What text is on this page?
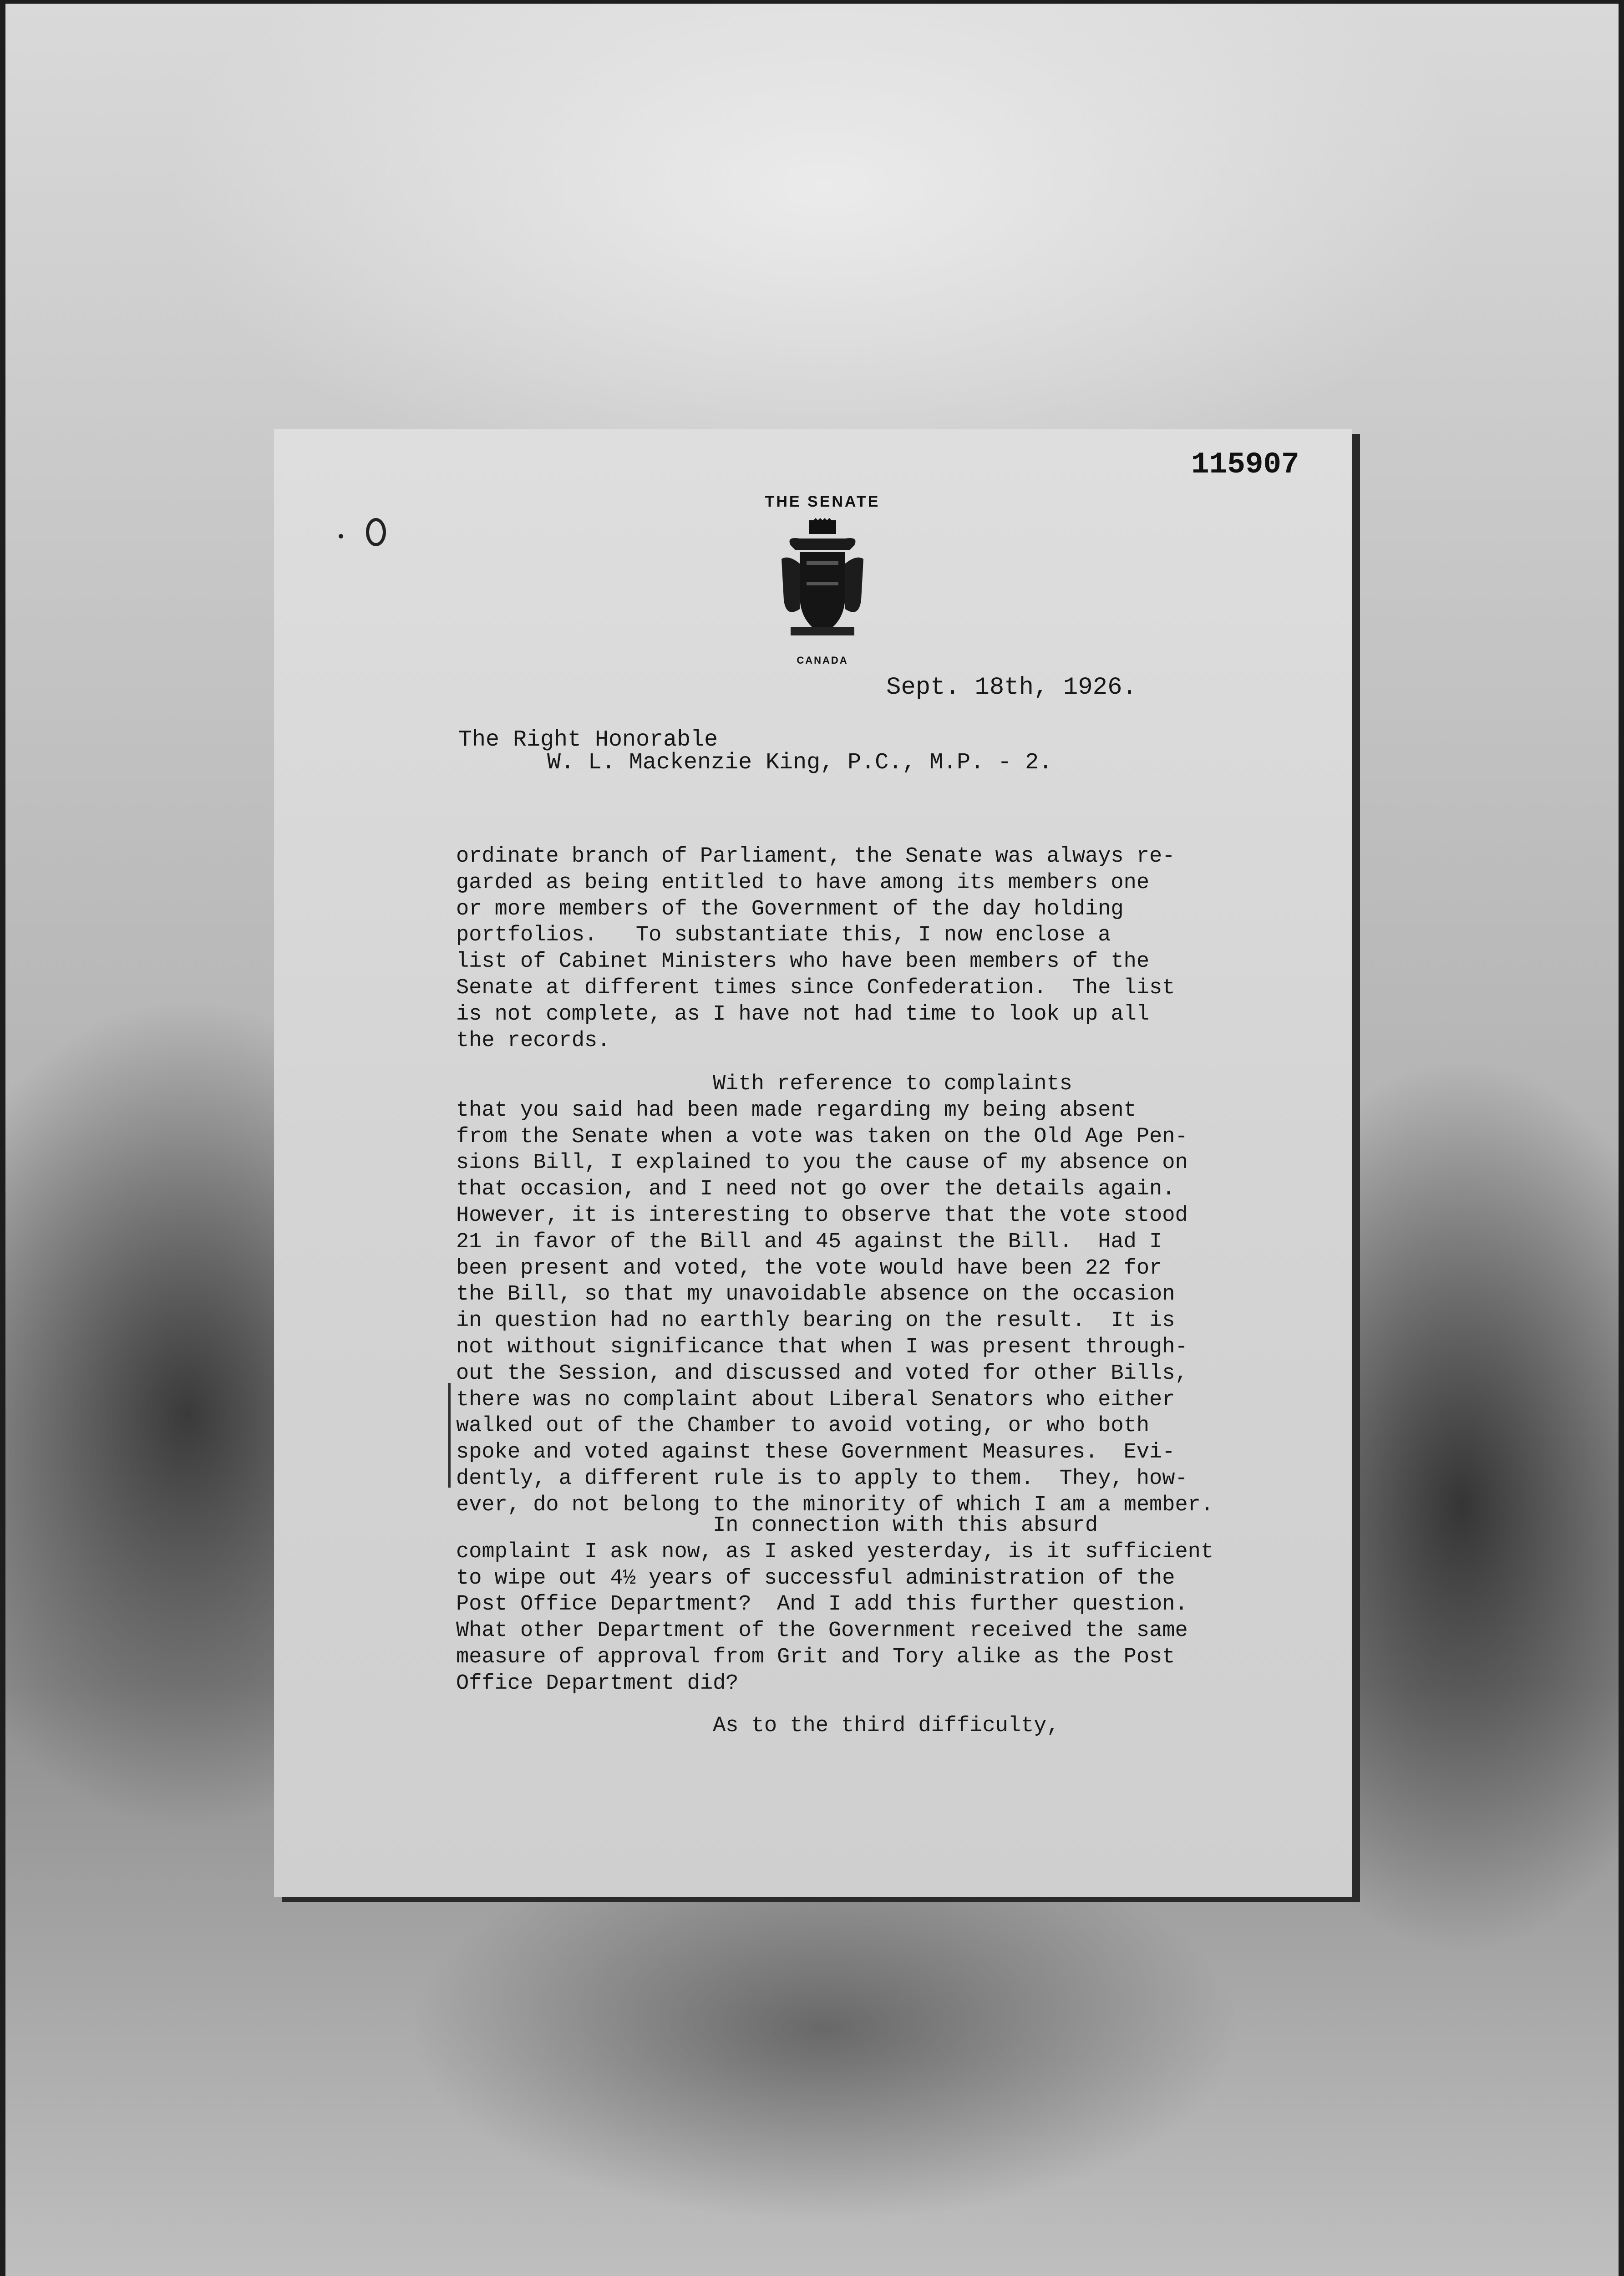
115907
THE SENATE
CANADA
Sept. 18th, 1926.
The Right Honorable
W. L. Mackenzie King, P.C., M.P. - 2.
ordinate branch of Parliament, the Senate was always re-
garded as being entitled to have among its members one
or more members of the Government of the day holding
portfolios.   To substantiate this, I now enclose a
list of Cabinet Ministers who have been members of the
Senate at different times since Confederation.  The list
is not complete, as I have not had time to look up all
the records.
With reference to complaints
that you said had been made regarding my being absent
from the Senate when a vote was taken on the Old Age Pen-
sions Bill, I explained to you the cause of my absence on
that occasion, and I need not go over the details again.
However, it is interesting to observe that the vote stood
21 in favor of the Bill and 45 against the Bill.  Had I
been present and voted, the vote would have been 22 for
the Bill, so that my unavoidable absence on the occasion
in question had no earthly bearing on the result.  It is
not without significance that when I was present through-
out the Session, and discussed and voted for other Bills,
there was no complaint about Liberal Senators who either
walked out of the Chamber to avoid voting, or who both
spoke and voted against these Government Measures.  Evi-
dently, a different rule is to apply to them.  They, how-
ever, do not belong to the minority of which I am a member.
In connection with this absurd
complaint I ask now, as I asked yesterday, is it sufficient
to wipe out 4½ years of successful administration of the
Post Office Department?  And I add this further question.
What other Department of the Government received the same
measure of approval from Grit and Tory alike as the Post
Office Department did?
As to the third difficulty,
